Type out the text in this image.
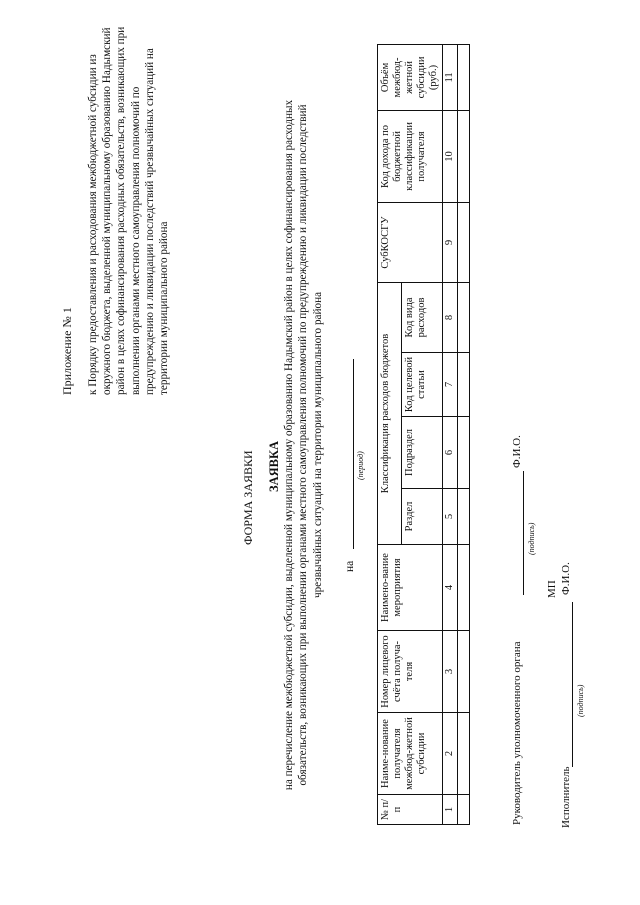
Приложение № 1 к Порядку предоставления и расходования межбюджетной субсидии из окружного бюджета, выделенной муниципальному образованию Надымский район в целях софинансирования расходных обязательств, возникающих при выполнении органами местного самоуправления полномочий по предупреждению и ликвидации последствий чрезвычайных ситуаций на территории муниципального района
ФОРМА ЗАЯВКИ ЗАЯВКА на перечисление межбюджетной субсидии, выделенной муниципальному образованию Надымский район в целях софинансирования расходных обязательств, возникающих при выполнении органами местного самоуправления полномочий по предупреждению и ликвидации последствий чрезвычайных ситуаций на территории муниципального района на
(период)
№ п/п	Наиме-нование получателя межбюд-жетной субсидии	Номер лицевого счёта получа-теля	Наимено-вание мероприятия	Классификация расходов бюджетов				СубКОСГУ	Код дохода по бюджетной классификации получателя	Объём межбюд-жетной субсидии (руб.)
				Раздел	Подраздел	Код целевой статьи	Код вида расходов			
1	2	3	4	5	6	7	8	9	10	11

Руководитель уполномоченного органа
(подпись)
Ф.И.О.
МП Ф.И.О.
Исполнитель
(подпись)
